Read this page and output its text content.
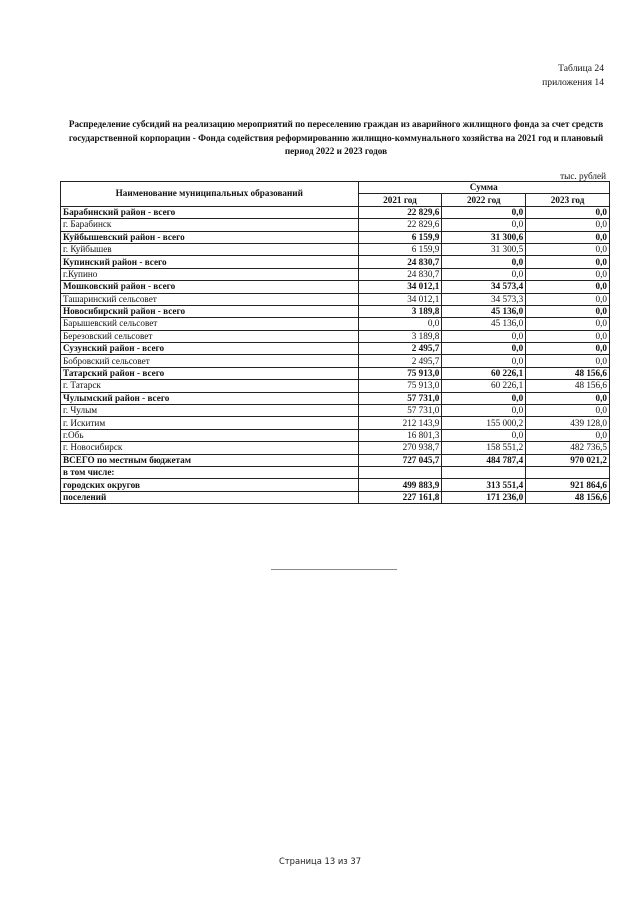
Таблица 24
приложения 14
Распределение субсидий на реализацию мероприятий по переселению граждан из аварийного жилищного фонда за счет средств государственной корпорации - Фонда содействия реформированию жилищно-коммунального хозяйства на 2021 год и плановый период 2022 и 2023 годов
тыс. рублей
Наименование муниципальных образований	Сумма		
	2021 год	2022 год	2023 год
Барабинский район - всего	22 829,6	0,0	0,0
г. Барабинск	22 829,6	0,0	0,0
Куйбышевский район - всего	6 159,9	31 300,6	0,0
г. Куйбышев	6 159,9	31 300,5	0,0
Купинский район - всего	24 830,7	0,0	0,0
г.Купино	24 830,7	0,0	0,0
Мошковский район - всего	34 012,1	34 573,4	0,0
Ташаринский сельсовет	34 012,1	34 573,3	0,0
Новосибирский район - всего	3 189,8	45 136,0	0,0
Барышевский сельсовет	0,0	45 136,0	0,0
Березовский сельсовет	3 189,8	0,0	0,0
Сузунский район - всего	2 495,7	0,0	0,0
Бобровский сельсовет	2 495,7	0,0	0,0
Татарский район - всего	75 913,0	60 226,1	48 156,6
г. Татарск	75 913,0	60 226,1	48 156,6
Чулымский район - всего	57 731,0	0,0	0,0
г. Чулым	57 731,0	0,0	0,0
г. Искитим	212 143,9	155 000,2	439 128,0
г.Обь	16 801,3	0,0	0,0
г. Новосибирск	270 938,7	158 551,2	482 736,5
ВСЕГО по местным бюджетам	727 045,7	484 787,4	970 021,2
в том числе:			
городских округов	499 883,9	313 551,4	921 864,6
поселений	227 161,8	171 236,0	48 156,6
Страница 13 из 37
